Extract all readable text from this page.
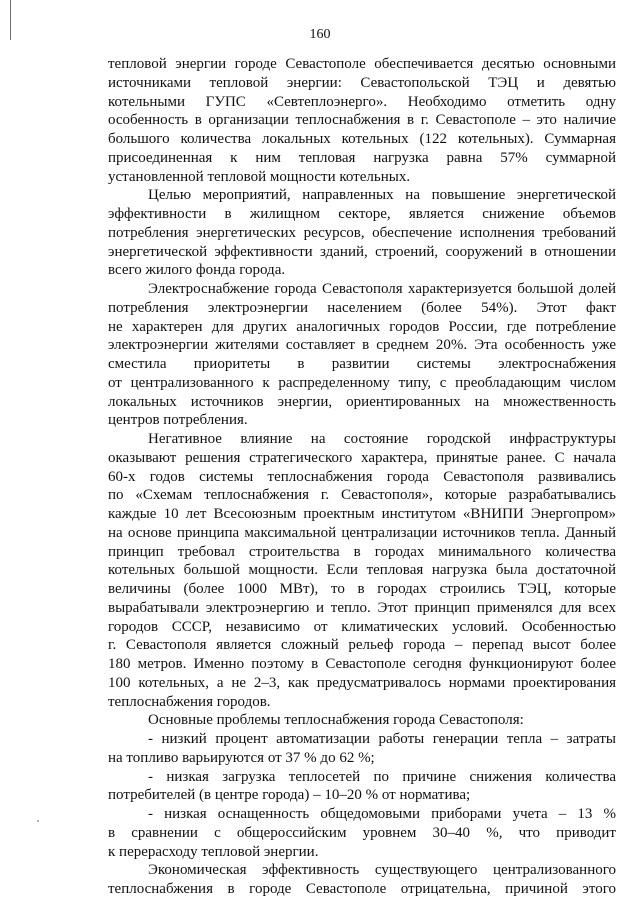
160
тепловой энергии городе Севастополе обеспечивается десятью основными
источниками тепловой энергии: Севастопольской ТЭЦ и девятью
котельными ГУПС «Севтеплоэнерго». Необходимо отметить одну
особенность в организации теплоснабжения в г. Севастополе – это наличие
большого количества локальных котельных (122 котельных). Суммарная
присоединенная к ним тепловая нагрузка равна 57% суммарной
установленной тепловой мощности котельных.
Целью мероприятий, направленных на повышение энергетической
эффективности в жилищном секторе, является снижение объемов
потребления энергетических ресурсов, обеспечение исполнения требований
энергетической эффективности зданий, строений, сооружений в отношении
всего жилого фонда города.
Электроснабжение города Севастополя характеризуется большой долей
потребления электроэнергии населением (более 54%). Этот факт
не характерен для других аналогичных городов России, где потребление
электроэнергии жителями составляет в среднем 20%. Эта особенность уже
сместила приоритеты в развитии системы электроснабжения
от централизованного к распределенному типу, с преобладающим числом
локальных источников энергии, ориентированных на множественность
центров потребления.
Негативное влияние на состояние городской инфраструктуры
оказывают решения стратегического характера, принятые ранее. С начала
60-х годов системы теплоснабжения города Севастополя развивались
по «Схемам теплоснабжения г. Севастополя», которые разрабатывались
каждые 10 лет Всесоюзным проектным институтом «ВНИПИ Энергопром»
на основе принципа максимальной централизации источников тепла. Данный
принцип требовал строительства в городах минимального количества
котельных большой мощности. Если тепловая нагрузка была достаточной
величины (более 1000 МВт), то в городах строились ТЭЦ, которые
вырабатывали электроэнергию и тепло. Этот принцип применялся для всех
городов СССР, независимо от климатических условий. Особенностью
г. Севастополя является сложный рельеф города – перепад высот более
180 метров. Именно поэтому в Севастополе сегодня функционируют более
100 котельных, а не 2–3, как предусматривалось нормами проектирования
теплоснабжения городов.
Основные проблемы теплоснабжения города Севастополя:
- низкий процент автоматизации работы генерации тепла – затраты
на топливо варьируются от 37 % до 62 %;
- низкая загрузка теплосетей по причине снижения количества
потребителей (в центре города) – 10–20 % от норматива;
- низкая оснащенность общедомовыми приборами учета – 13 %
в сравнении с общероссийским уровнем 30–40 %, что приводит
к перерасходу тепловой энергии.
Экономическая эффективность существующего централизованного
теплоснабжения в городе Севастополе отрицательна, причиной этого
